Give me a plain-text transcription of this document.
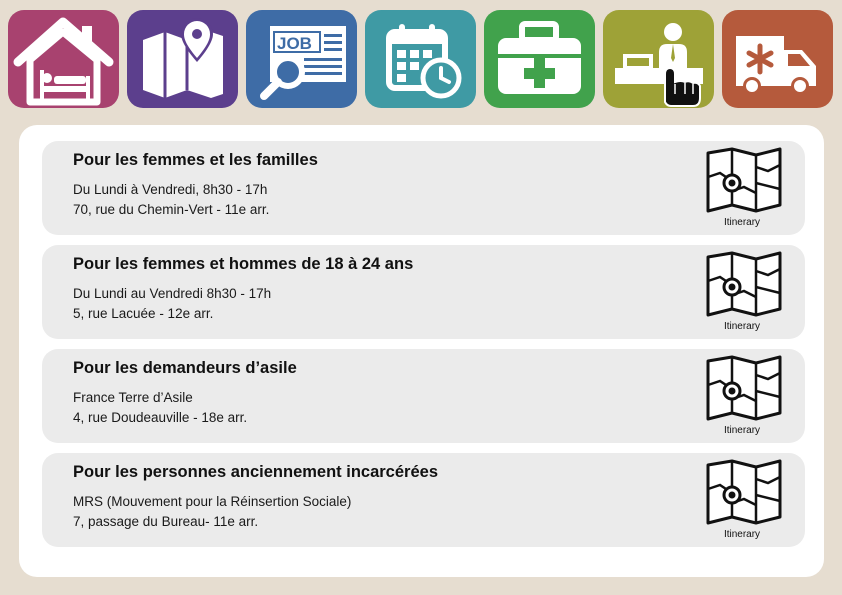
JOB
Pour les femmes et les familles
Du Lundi à Vendredi, 8h30 - 17h
70, rue du Chemin-Vert - 11e arr.
Itinerary
Pour les femmes et hommes de 18 à 24 ans
Du Lundi au Vendredi 8h30 - 17h
5, rue Lacuée - 12e arr.
Itinerary
Pour les demandeurs d’asile
France Terre d’Asile
4, rue Doudeauville - 18e arr.
Itinerary
Pour les personnes anciennement incarcérées
MRS (Mouvement pour la Réinsertion Sociale)
7, passage du Bureau- 11e arr.
Itinerary
